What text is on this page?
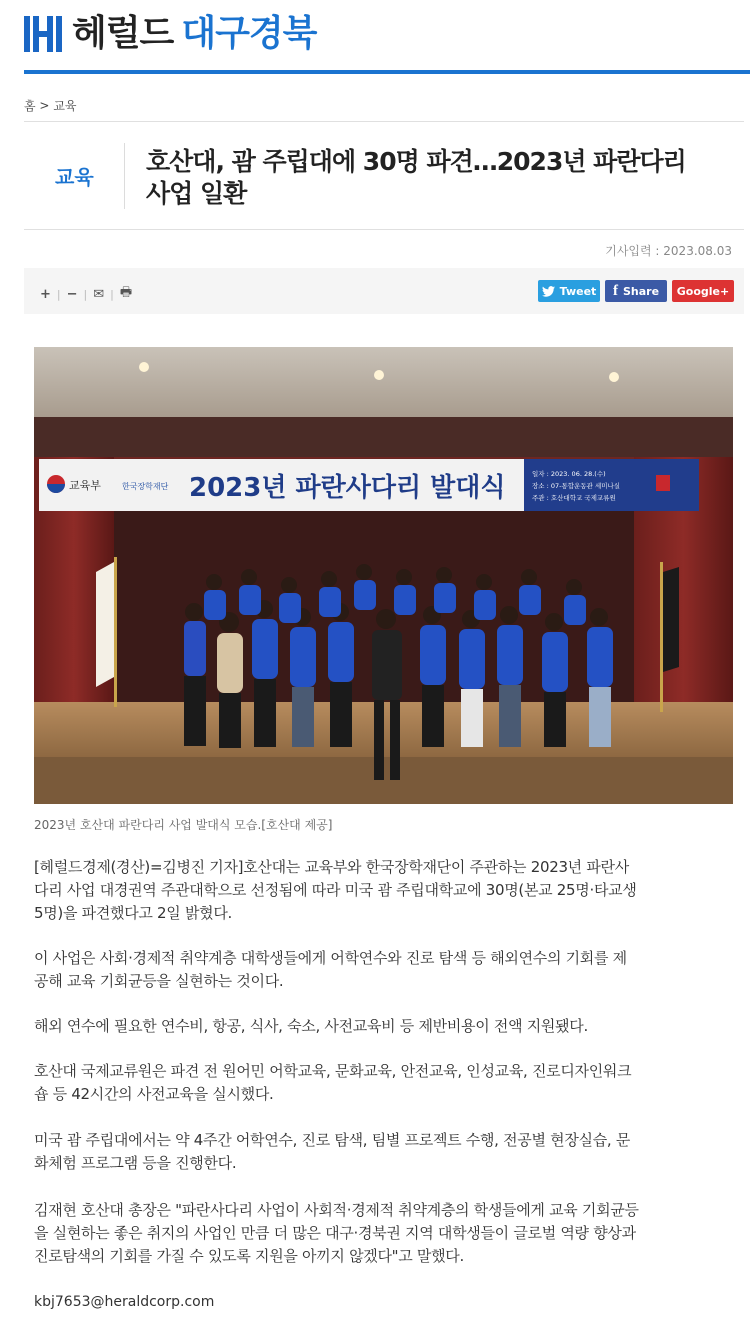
헤럴드 대구경북
홈 > 교육
교육
호산대, 괌 주립대에 30명 파견…2023년 파란다리
사업 일환
기사입력 : 2023.08.03
+ | − | ✉ | 🖶	Tweet f Share Google+
교육부	한국장학재단 2023년 파란사다리 발대식	일자 : 2023. 06. 28.(수)
장소 : 07-통합운동관 세미나실
주관 : 호산대학교 국제교류원
2023년 호산대 파란다리 사업 발대식 모습.[호산대 제공]
[헤럴드경제(경산)=김병진 기자]호산대는 교육부와 한국장학재단이 주관하는 2023년 파란사
다리 사업 대경권역 주관대학으로 선정됨에 따라 미국 괌 주립대학교에 30명(본교 25명·타교생
5명)을 파견했다고 2일 밝혔다.
이 사업은 사회·경제적 취약계층 대학생들에게 어학연수와 진로 탐색 등 해외연수의 기회를 제
공해 교육 기회균등을 실현하는 것이다.
해외 연수에 필요한 연수비, 항공, 식사, 숙소, 사전교육비 등 제반비용이 전액 지원됐다.
호산대 국제교류원은 파견 전 원어민 어학교육, 문화교육, 안전교육, 인성교육, 진로디자인워크
숍 등 42시간의 사전교육을 실시했다.
미국 괌 주립대에서는 약 4주간 어학연수, 진로 탐색, 팀별 프로젝트 수행, 전공별 현장실습, 문
화체험 프로그램 등을 진행한다.
김재현 호산대 총장은 "파란사다리 사업이 사회적·경제적 취약계층의 학생들에게 교육 기회균등
을 실현하는 좋은 취지의 사업인 만큼 더 많은 대구·경북권 지역 대학생들이 글로벌 역량 향상과
진로탐색의 기회를 가질 수 있도록 지원을 아끼지 않겠다"고 말했다.
kbj7653@heraldcorp.com
